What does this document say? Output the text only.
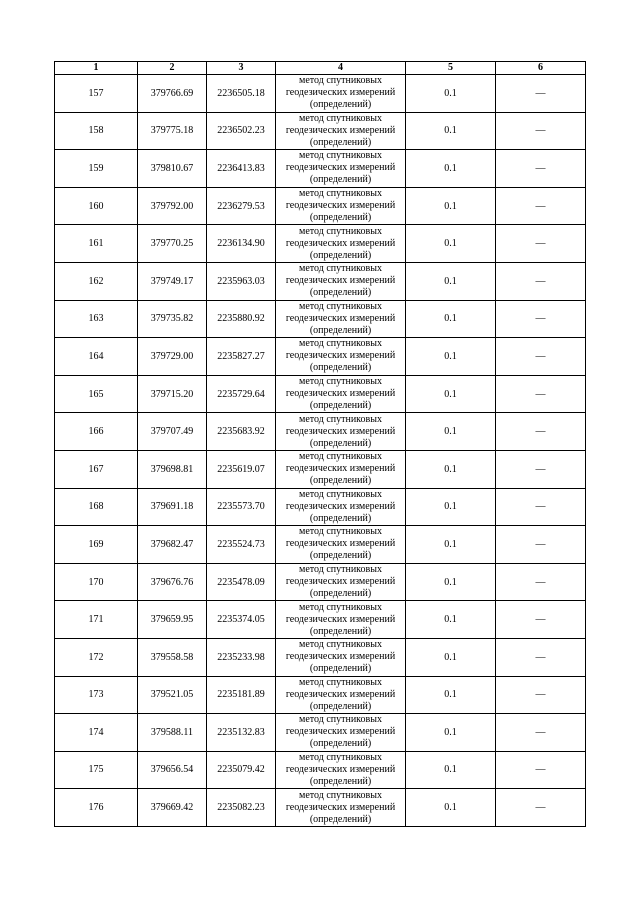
1	2	3	4	5	6
157	379766.69	2236505.18	метод спутниковых
геодезических измерений
(определений)	0.1	—
158	379775.18	2236502.23	метод спутниковых
геодезических измерений
(определений)	0.1	—
159	379810.67	2236413.83	метод спутниковых
геодезических измерений
(определений)	0.1	—
160	379792.00	2236279.53	метод спутниковых
геодезических измерений
(определений)	0.1	—
161	379770.25	2236134.90	метод спутниковых
геодезических измерений
(определений)	0.1	—
162	379749.17	2235963.03	метод спутниковых
геодезических измерений
(определений)	0.1	—
163	379735.82	2235880.92	метод спутниковых
геодезических измерений
(определений)	0.1	—
164	379729.00	2235827.27	метод спутниковых
геодезических измерений
(определений)	0.1	—
165	379715.20	2235729.64	метод спутниковых
геодезических измерений
(определений)	0.1	—
166	379707.49	2235683.92	метод спутниковых
геодезических измерений
(определений)	0.1	—
167	379698.81	2235619.07	метод спутниковых
геодезических измерений
(определений)	0.1	—
168	379691.18	2235573.70	метод спутниковых
геодезических измерений
(определений)	0.1	—
169	379682.47	2235524.73	метод спутниковых
геодезических измерений
(определений)	0.1	—
170	379676.76	2235478.09	метод спутниковых
геодезических измерений
(определений)	0.1	—
171	379659.95	2235374.05	метод спутниковых
геодезических измерений
(определений)	0.1	—
172	379558.58	2235233.98	метод спутниковых
геодезических измерений
(определений)	0.1	—
173	379521.05	2235181.89	метод спутниковых
геодезических измерений
(определений)	0.1	—
174	379588.11	2235132.83	метод спутниковых
геодезических измерений
(определений)	0.1	—
175	379656.54	2235079.42	метод спутниковых
геодезических измерений
(определений)	0.1	—
176	379669.42	2235082.23	метод спутниковых
геодезических измерений
(определений)	0.1	—
